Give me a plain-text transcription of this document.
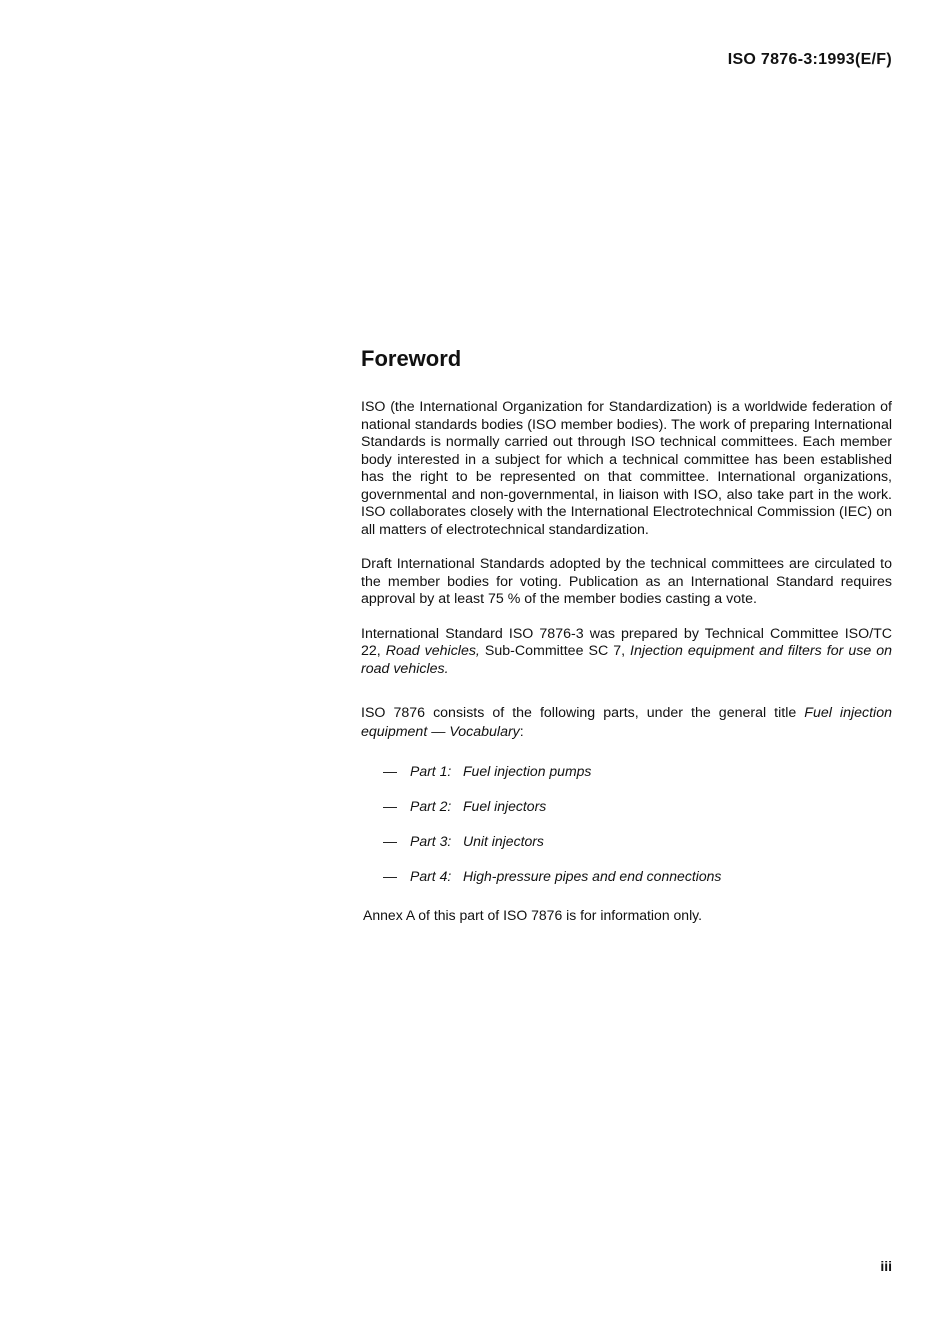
ISO 7876-3:1993(E/F)
Foreword

ISO (the International Organization for Standardization) is a worldwide federation of national standards bodies (ISO member bodies). The work of preparing International Standards is normally carried out through ISO technical committees. Each member body interested in a subject for which a technical committee has been established has the right to be represented on that committee. International organizations, governmental and non-governmental, in liaison with ISO, also take part in the work. ISO collaborates closely with the International Electrotechnical Commission (IEC) on all matters of electrotechnical standardization.

Draft International Standards adopted by the technical committees are circulated to the member bodies for voting. Publication as an International Standard requires approval by at least 75 % of the member bodies casting a vote.

International Standard ISO 7876-3 was prepared by Technical Committee ISO/TC 22, Road vehicles, Sub-Committee SC 7, Injection equipment and filters for use on road vehicles.

ISO 7876 consists of the following parts, under the general title Fuel injection equipment — Vocabulary:

— Part 1: Fuel injection pumps
— Part 2: Fuel injectors
— Part 3: Unit injectors
— Part 4: High-pressure pipes and end connections

Annex A of this part of ISO 7876 is for information only.

iii
